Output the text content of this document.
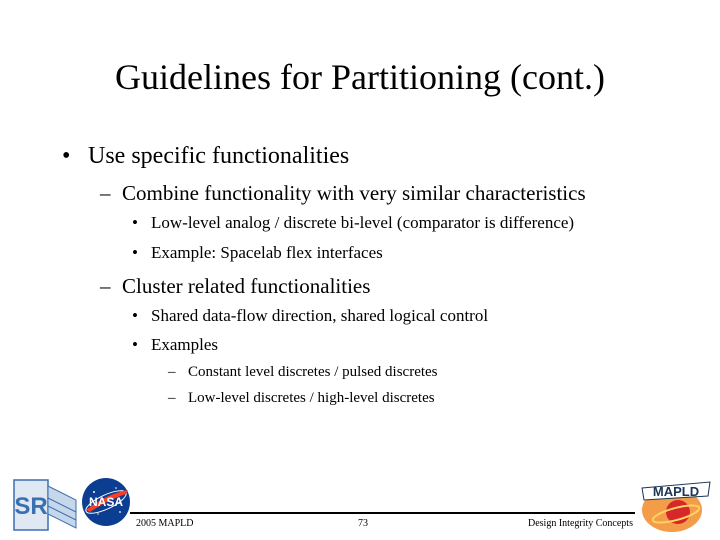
Guidelines for Partitioning (cont.)
• Use specific functionalities
– Combine functionality with very similar characteristics
• Low-level analog / discrete bi-level (comparator is difference)
• Example: Spacelab flex interfaces
– Cluster related functionalities
• Shared data-flow direction, shared logical control
• Examples
– Constant level discretes / pulsed discretes
– Low-level discretes / high-level discretes
SR	NASA
2005 MAPLD	73	Design Integrity Concepts
MAPLD
